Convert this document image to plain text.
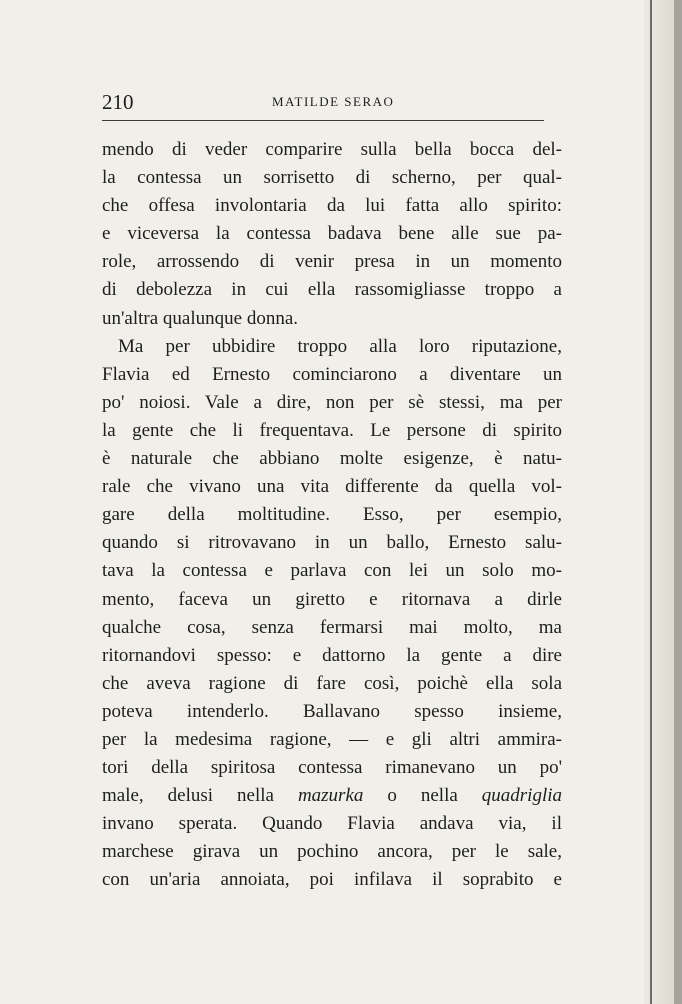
210	MATILDE SERAO
mendo di veder comparire sulla bella bocca del-
la contessa un sorrisetto di scherno, per qual-
che offesa involontaria da lui fatta allo spirito:
e viceversa la contessa badava bene alle sue pa-
role, arrossendo di venir presa in un momento
di debolezza in cui ella rassomigliasse troppo a
un'altra qualunque donna.
Ma per ubbidire troppo alla loro riputazione,
Flavia ed Ernesto cominciarono a diventare un
po' noiosi. Vale a dire, non per sè stessi, ma per
la gente che li frequentava. Le persone di spirito
è naturale che abbiano molte esigenze, è natu-
rale che vivano una vita differente da quella vol-
gare della moltitudine. Esso, per esempio,
quando si ritrovavano in un ballo, Ernesto salu-
tava la contessa e parlava con lei un solo mo-
mento, faceva un giretto e ritornava a dirle
qualche cosa, senza fermarsi mai molto, ma
ritornandovi spesso: e dattorno la gente a dire
che aveva ragione di fare così, poichè ella sola
poteva intenderlo. Ballavano spesso insieme,
per la medesima ragione, — e gli altri ammira-
tori della spiritosa contessa rimanevano un po'
male, delusi nella mazurka o nella quadriglia
invano sperata. Quando Flavia andava via, il
marchese girava un pochino ancora, per le sale,
con un'aria annoiata, poi infilava il soprabito e
